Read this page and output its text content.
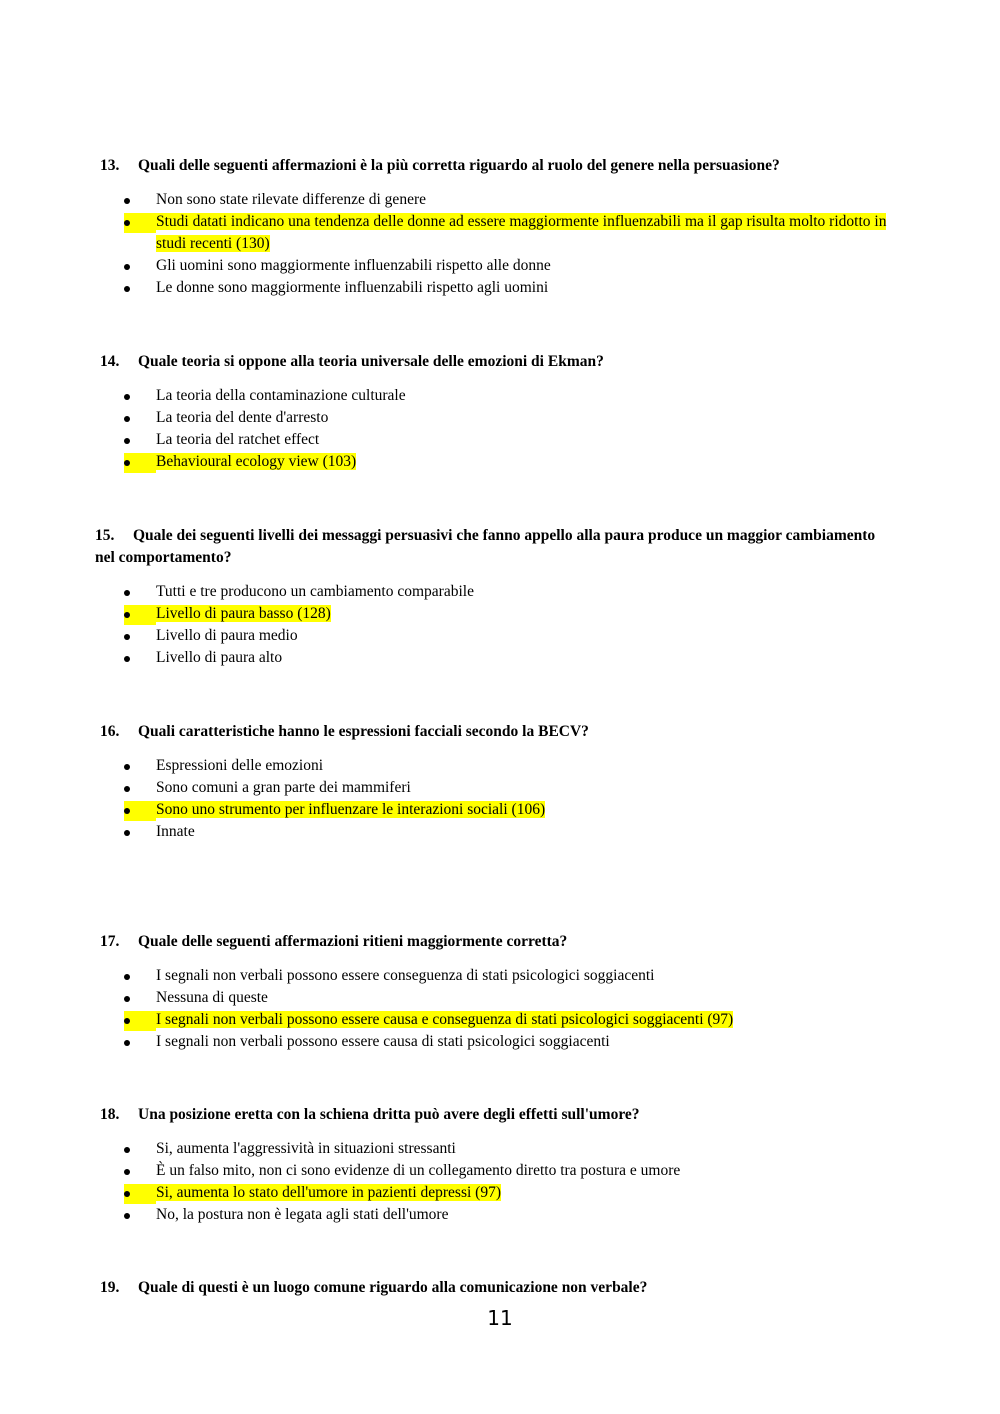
13. Quali delle seguenti affermazioni è la più corretta riguardo al ruolo del genere nella persuasione?

Non sono state rilevate differenze di genere
Studi datati indicano una tendenza delle donne ad essere maggiormente influenzabili ma il gap risulta molto ridotto in studi recenti (130)
Gli uomini sono maggiormente influenzabili rispetto alle donne
Le donne sono maggiormente influenzabili rispetto agli uomini

14. Quale teoria si oppone alla teoria universale delle emozioni di Ekman?

La teoria della contaminazione culturale
La teoria del dente d'arresto
La teoria del ratchet effect
Behavioural ecology view (103)

15. Quale dei seguenti livelli dei messaggi persuasivi che fanno appello alla paura produce un maggior cambiamento nel comportamento?

Tutti e tre producono un cambiamento comparabile
Livello di paura basso (128)
Livello di paura medio
Livello di paura alto

16. Quali caratteristiche hanno le espressioni facciali secondo la BECV?

Espressioni delle emozioni
Sono comuni a gran parte dei mammiferi
Sono uno strumento per influenzare le interazioni sociali (106)
Innate

17. Quale delle seguenti affermazioni ritieni maggiormente corretta?

I segnali non verbali possono essere conseguenza di stati psicologici soggiacenti
Nessuna di queste
I segnali non verbali possono essere causa e conseguenza di stati psicologici soggiacenti (97)
I segnali non verbali possono essere causa di stati psicologici soggiacenti

18. Una posizione eretta con la schiena dritta può avere degli effetti sull'umore?

Si, aumenta l'aggressività in situazioni stressanti
È un falso mito, non ci sono evidenze di un collegamento diretto tra postura e umore
Si, aumenta lo stato dell'umore in pazienti depressi (97)
No, la postura non è legata agli stati dell'umore

19. Quale di questi è un luogo comune riguardo alla comunicazione non verbale?

11
